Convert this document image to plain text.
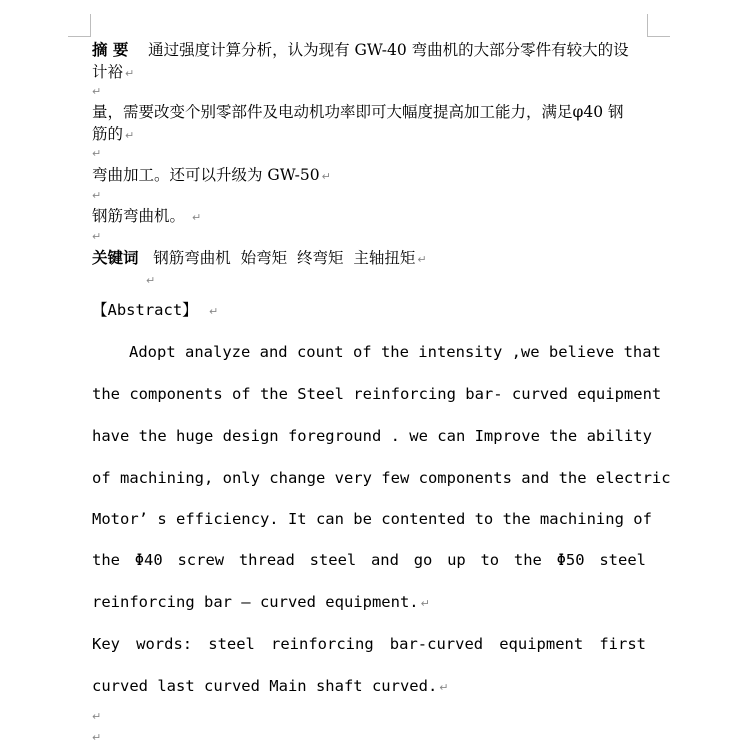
摘 要 通过强度计算分析，认为现有 GW-40 弯曲机的大部分零件有较大的设
计裕 ↵
↵
量，需要改变个别零部件及电动机功率即可大幅度提高加工能力，满足φ40 钢
筋的 ↵
↵
弯曲加工。还可以升级为 GW-50 ↵
↵
钢筋弯曲机。 ↵
↵
关键词 钢筋弯曲机  始弯矩  终弯矩  主轴扭矩 ↵
↵
【Abstract】 ↵
Adopt analyze and count of the intensity ,we believe that
the components of the Steel reinforcing bar- curved equipment
have the huge design foreground . we can Improve the ability
of machining, only change very few components and the electric
Motor’ s efficiency. It can be contented to the machining of
the Φ40 screw thread steel and go up to the Φ50 steel
reinforcing bar – curved equipment. ↵
Key words: steel reinforcing bar-curved equipment first
curved last curved Main shaft curved. ↵
↵
↵
